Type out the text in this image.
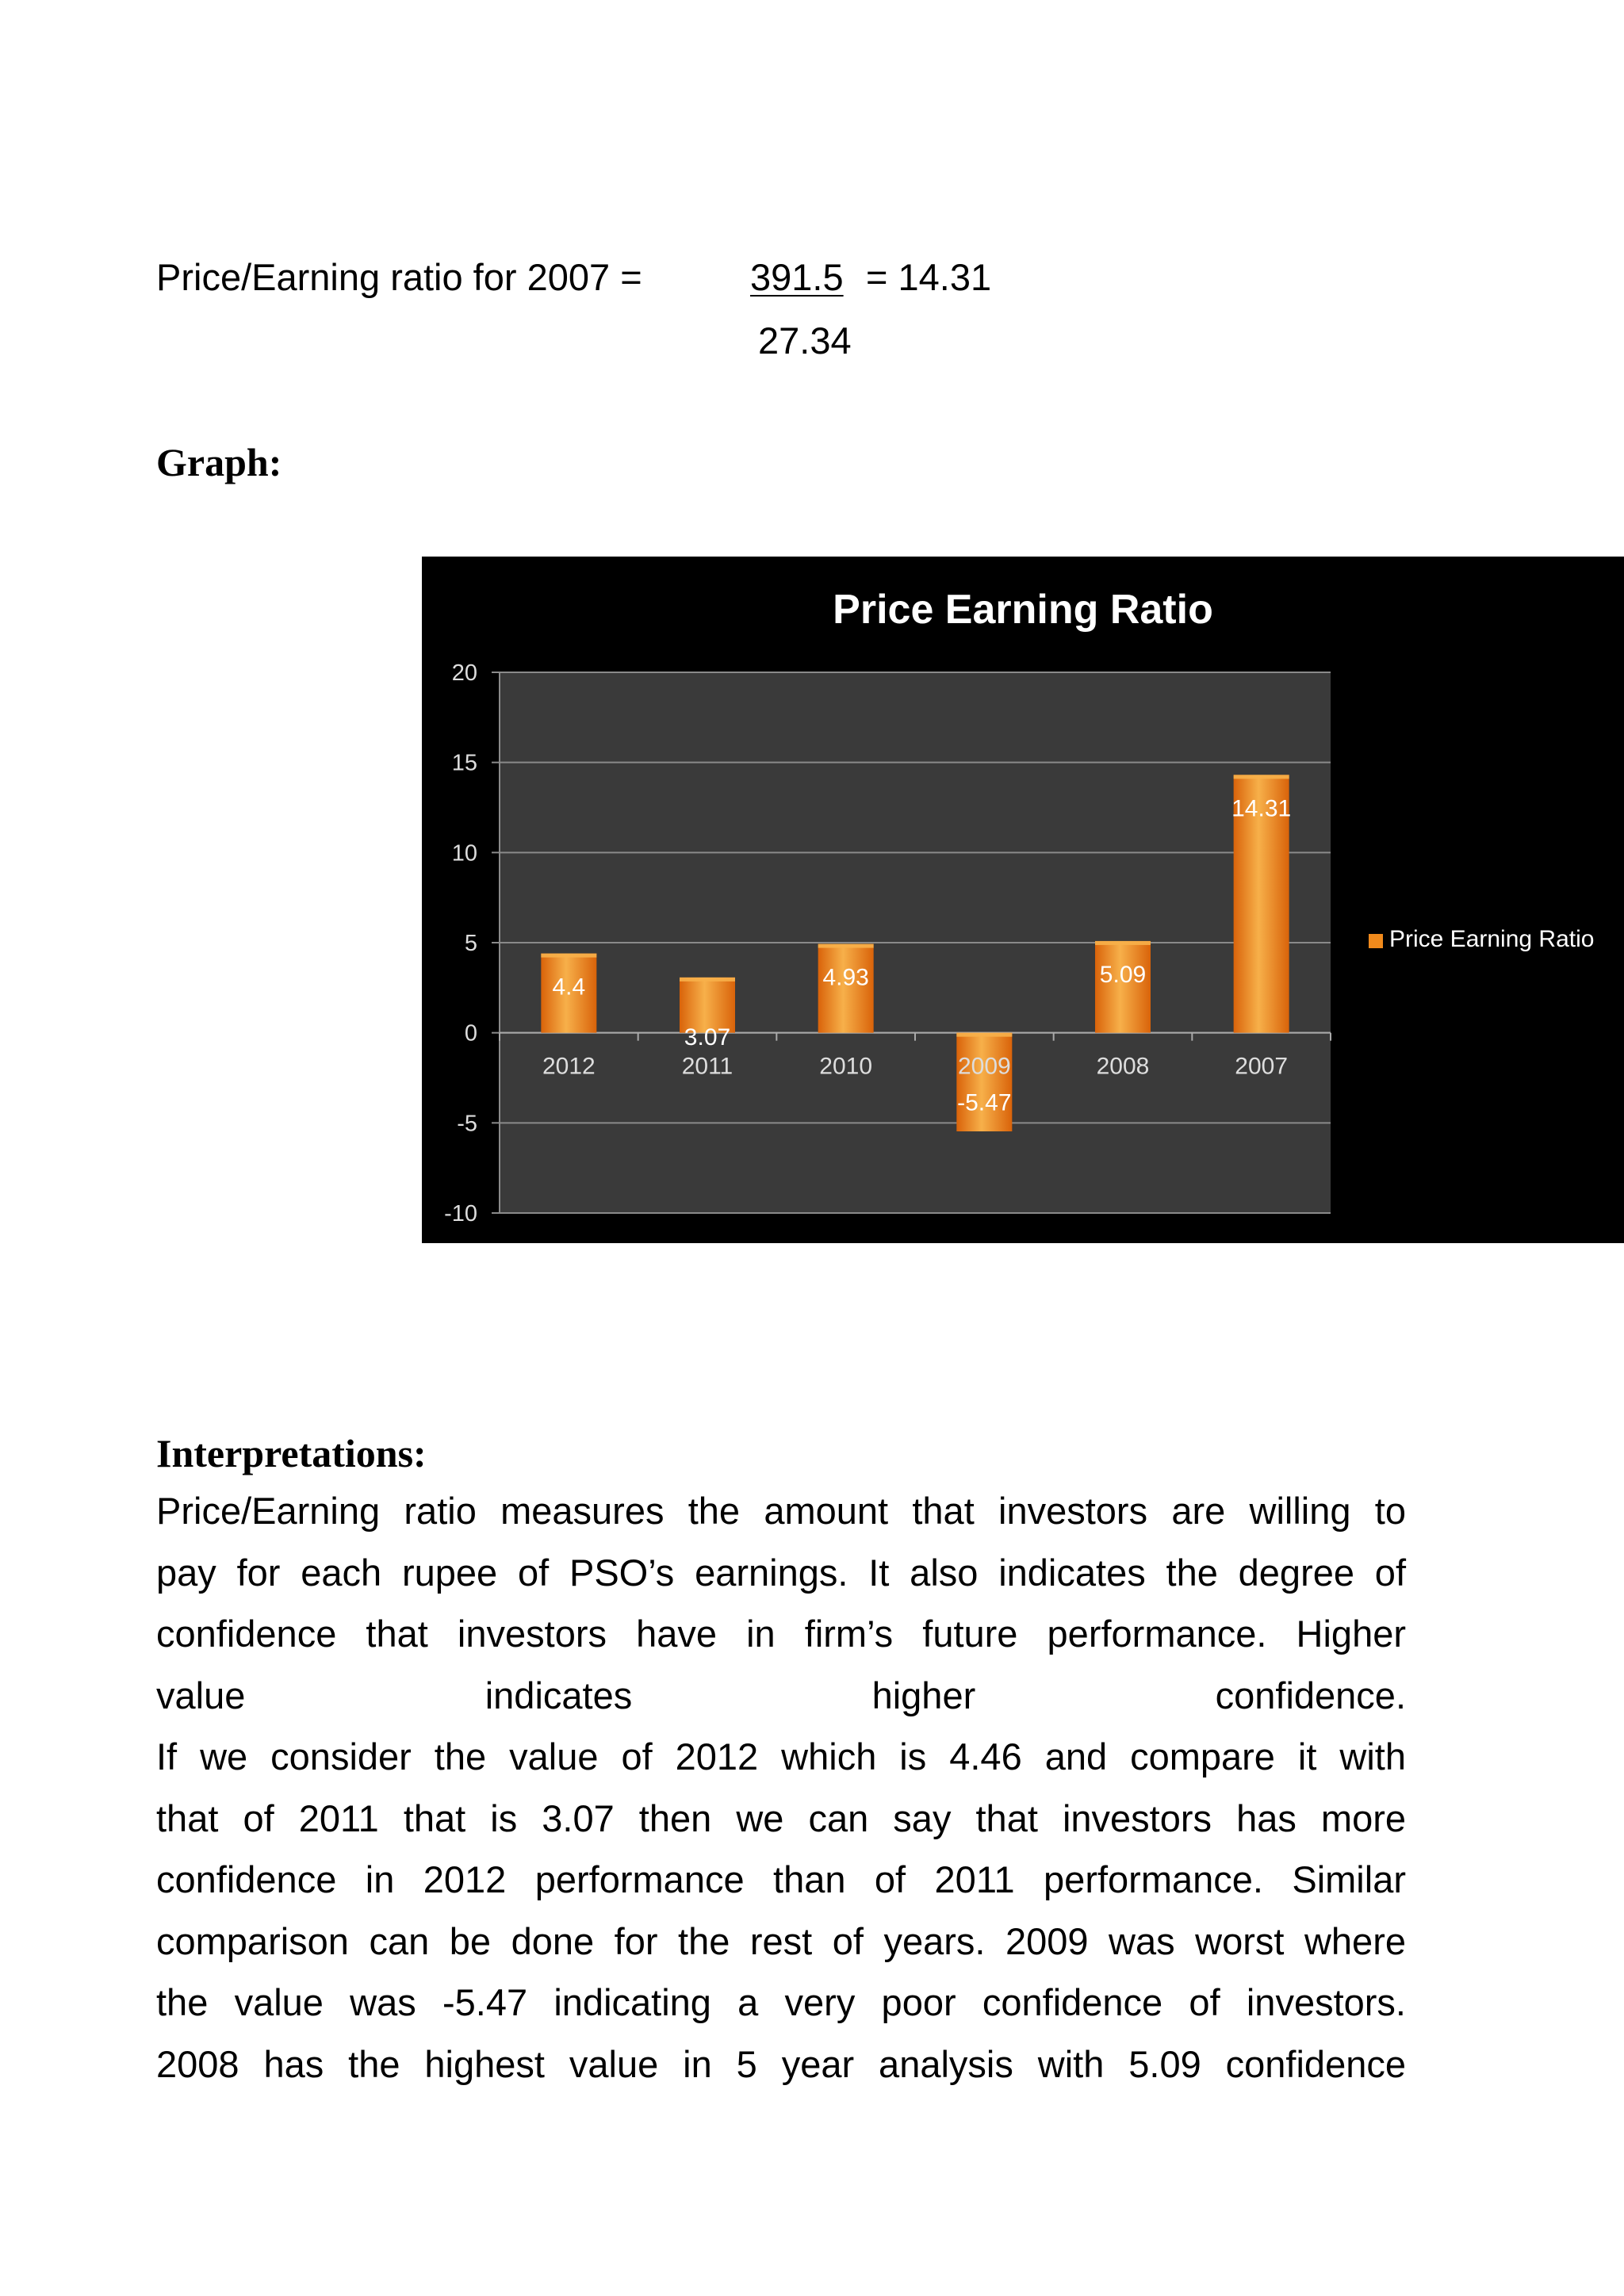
Price/Earning ratio for 2007 =	391.5 = 14.31
27.34
Graph:
Price Earning Ratio
20
15
10
5
0
-5
-10
2012
4.4
2011
3.07
2010
4.93
2009
-5.47
2008
5.09
2007
14.31
Price Earning Ratio
Interpretations:
Price/Earning ratio measures the amount that investors are willing to
pay for each rupee of PSO’s earnings. It also indicates the degree of
confidence that investors have in firm’s future performance. Higher
value indicates higher confidence.
If we consider the value of 2012 which is 4.46 and compare it with
that of 2011 that is 3.07 then we can say that investors has more
confidence in 2012 performance than of 2011 performance. Similar
comparison can be done for the rest of years. 2009 was worst where
the value was -5.47 indicating a very poor confidence of investors.
2008 has the highest value in 5 year analysis with 5.09 confidence
